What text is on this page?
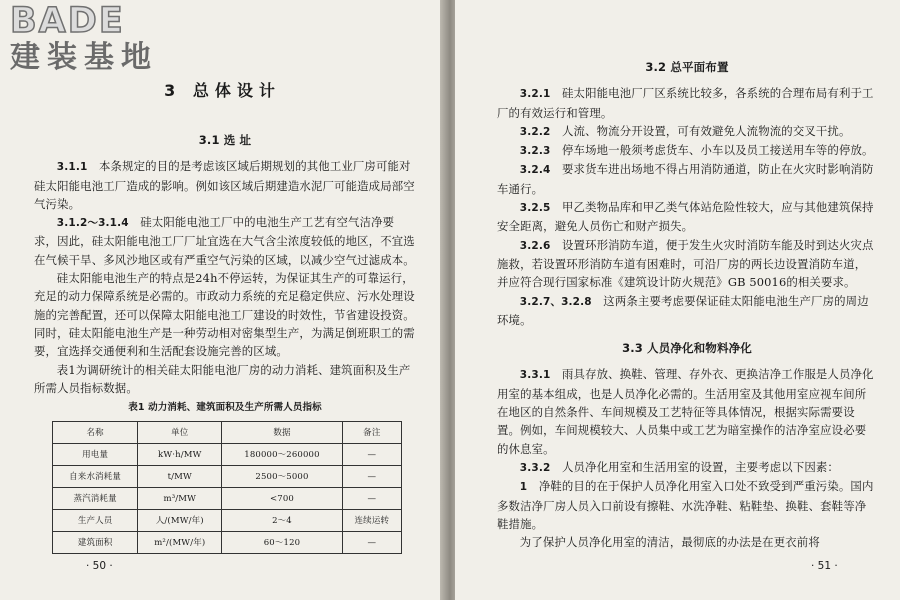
BADE
建装基地
3 总体设计
3.1 选 址

3.1.1  本条规定的目的是考虑该区域后期规划的其他工业厂房可能对硅太阳能电池工厂造成的影响。例如该区域后期建造水泥厂可能造成局部空气污染。

3.1.2～3.1.4  硅太阳能电池工厂中的电池生产工艺有空气洁净要求，因此，硅太阳能电池工厂厂址宜选在大气含尘浓度较低的地区，不宜选在气候干旱、多风沙地区或有严重空气污染的区域，以减少空气过滤成本。

硅太阳能电池生产的特点是24h不停运转，为保证其生产的可靠运行，充足的动力保障系统是必需的。市政动力系统的充足稳定供应、污水处理设施的完善配置，还可以保障太阳能电池工厂建设的时效性，节省建设投资。同时，硅太阳能电池生产是一种劳动相对密集型生产，为满足倒班职工的需要，宜选择交通便利和生活配套设施完善的区域。

表1为调研统计的相关硅太阳能电池厂房的动力消耗、建筑面积及生产所需人员指标数据。

表1 动力消耗、建筑面积及生产所需人员指标
名称	单位	数据	备注
用电量	kW·h/MW	180000～260000	—
自来水消耗量	t/MW	2500～5000	—
蒸汽消耗量	m³/MW	<700	—
生产人员	人/(MW/年)	2～4	连续运转
建筑面积	m²/(MW/年)	60～120	—
· 50 ·
3.2 总平面布置

3.2.1  硅太阳能电池厂厂区系统比较多，各系统的合理布局有利于工厂的有效运行和管理。

3.2.2  人流、物流分开设置，可有效避免人流物流的交叉干扰。

3.2.3  停车场地一般须考虑货车、小车以及员工接送用车等的停放。

3.2.4  要求货车进出场地不得占用消防通道，防止在火灾时影响消防车通行。

3.2.5  甲乙类物品库和甲乙类气体站危险性较大，应与其他建筑保持安全距离，避免人员伤亡和财产损失。

3.2.6  设置环形消防车道，便于发生火灾时消防车能及时到达火灾点施救，若设置环形消防车道有困难时，可沿厂房的两长边设置消防车道，并应符合现行国家标准《建筑设计防火规范》GB 50016的相关要求。

3.2.7、3.2.8  这两条主要考虑要保证硅太阳能电池生产厂房的周边环境。

3.3 人员净化和物料净化

3.3.1  雨具存放、换鞋、管理、存外衣、更换洁净工作服是人员净化用室的基本组成，也是人员净化必需的。生活用室及其他用室应视车间所在地区的自然条件、车间规模及工艺特征等具体情况，根据实际需要设置。例如，车间规模较大、人员集中或工艺为暗室操作的洁净室应设必要的休息室。

3.3.2  人员净化用室和生活用室的设置，主要考虑以下因素：

1  净鞋的目的在于保护人员净化用室入口处不致受到严重污染。国内多数洁净厂房人员入口前设有擦鞋、水洗净鞋、粘鞋垫、换鞋、套鞋等净鞋措施。

为了保护人员净化用室的清洁，最彻底的办法是在更衣前将

· 51 ·
